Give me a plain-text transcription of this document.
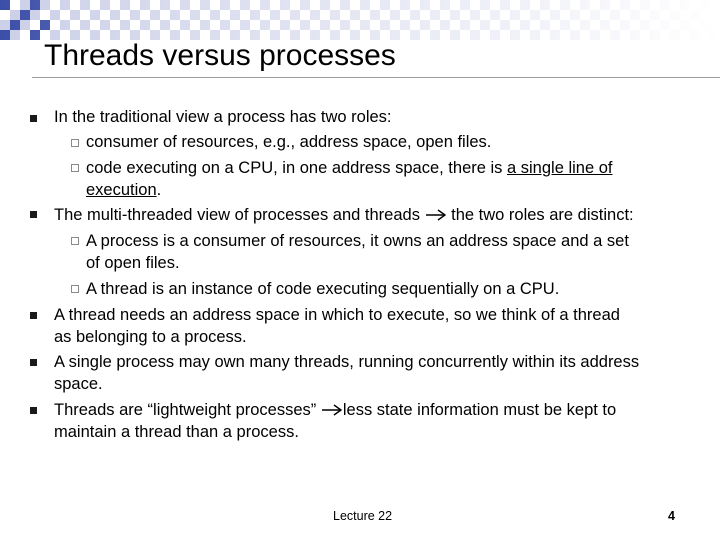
Threads versus processes
In the traditional view a process has two roles:
consumer of resources, e.g., address space, open files.
code executing on a CPU, in one address space, there is a single line of
execution.
The multi-threaded view of processes and threads  the two roles are distinct:
A process is a consumer of resources, it owns an address space and a set
of open files.
A thread is an instance of code executing sequentially on a CPU.
A thread needs an address space in which to execute, so we think of a thread
as belonging to a process.
A single process may own many threads, running concurrently within its address
space.
Threads are “lightweight processes” less state information must be kept to
maintain a thread than a process.
Lecture 22	4
